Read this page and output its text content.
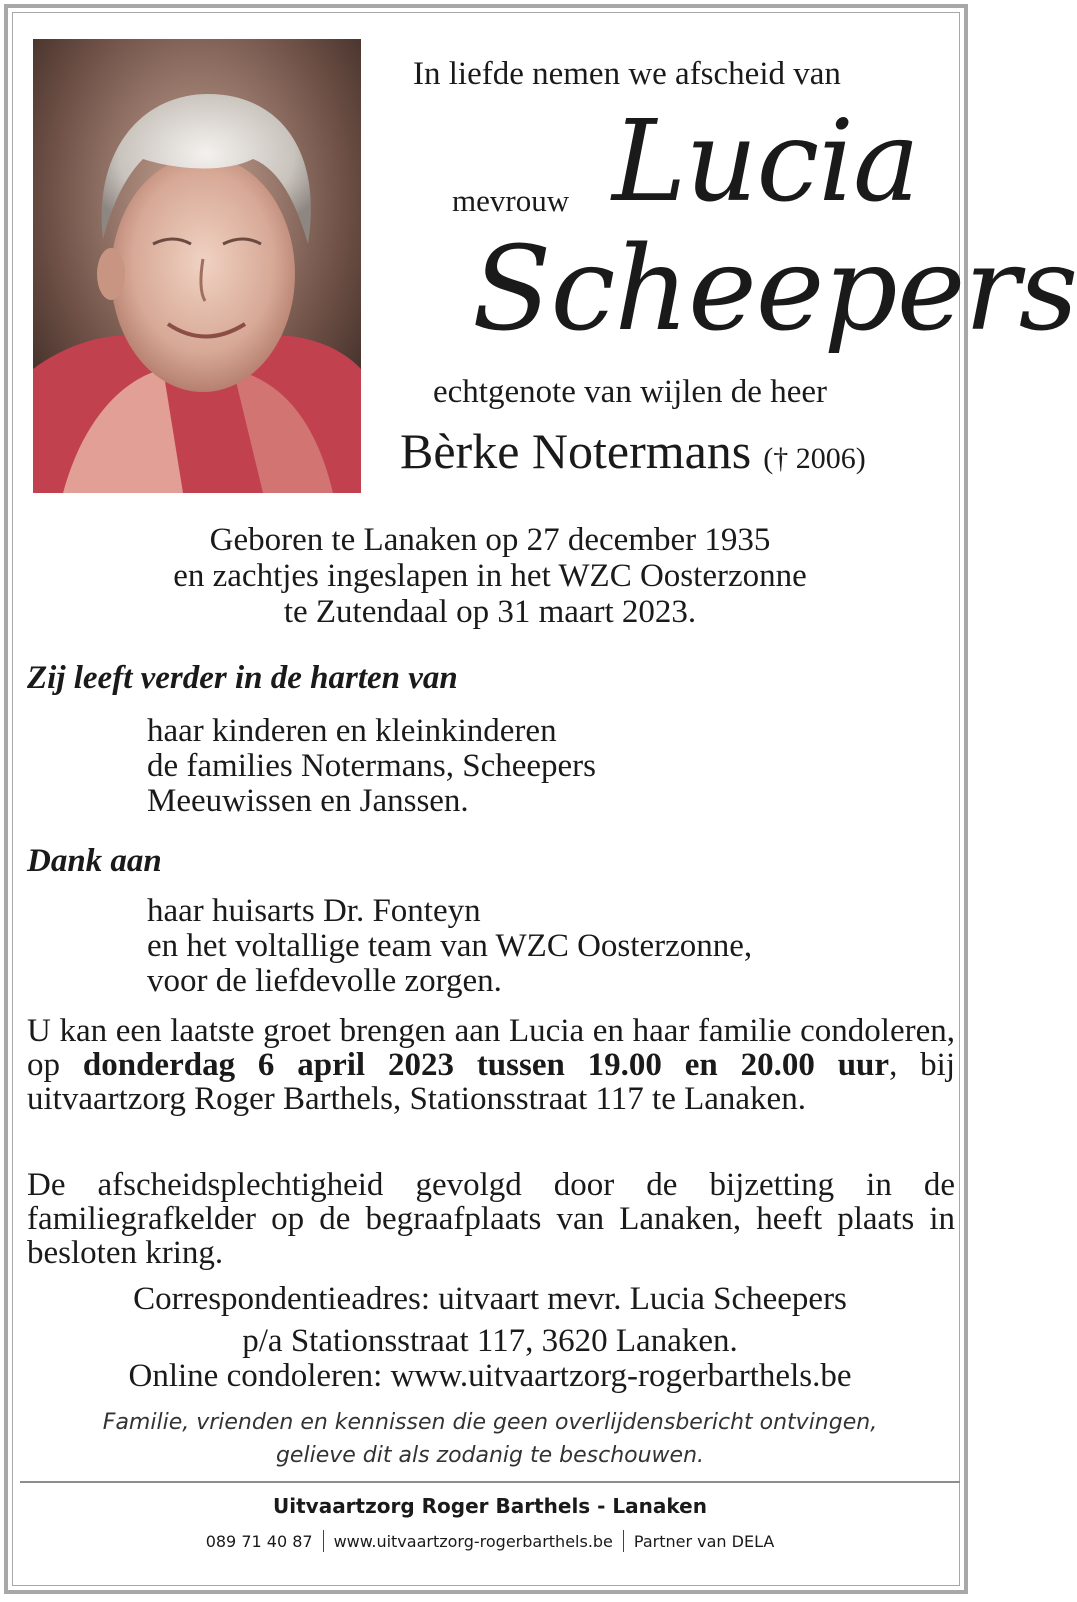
In liefde nemen we afscheid van
mevrouw Lucia
Scheepers
echtgenote van wijlen de heer
Bèrke Notermans († 2006)
Geboren te Lanaken op 27 december 1935
en zachtjes ingeslapen in het WZC Oosterzonne
te Zutendaal op 31 maart 2023.
Zij leeft verder in de harten van
haar kinderen en kleinkinderen
de families Notermans, Scheepers
Meeuwissen en Janssen.
Dank aan
haar huisarts Dr. Fonteyn
en het voltallige team van WZC Oosterzonne,
voor de liefdevolle zorgen.
U kan een laatste groet brengen aan Lucia en haar familie condoleren, op donderdag 6 april 2023 tussen 19.00 en 20.00 uur, bij uitvaartzorg Roger Barthels, Stationsstraat 117 te Lanaken.
De afscheidsplechtigheid gevolgd door de bijzetting in de familiegrafkelder op de begraafplaats van Lanaken, heeft plaats in besloten kring.
Correspondentieadres: uitvaart mevr. Lucia Scheepers
p/a Stationsstraat 117, 3620 Lanaken.
Online condoleren: www.uitvaartzorg-rogerbarthels.be
Familie, vrienden en kennissen die geen overlijdensbericht ontvingen,
gelieve dit als zodanig te beschouwen.
Uitvaartzorg Roger Barthels - Lanaken
089 71 40 87 www.uitvaartzorg-rogerbarthels.be Partner van DELA
